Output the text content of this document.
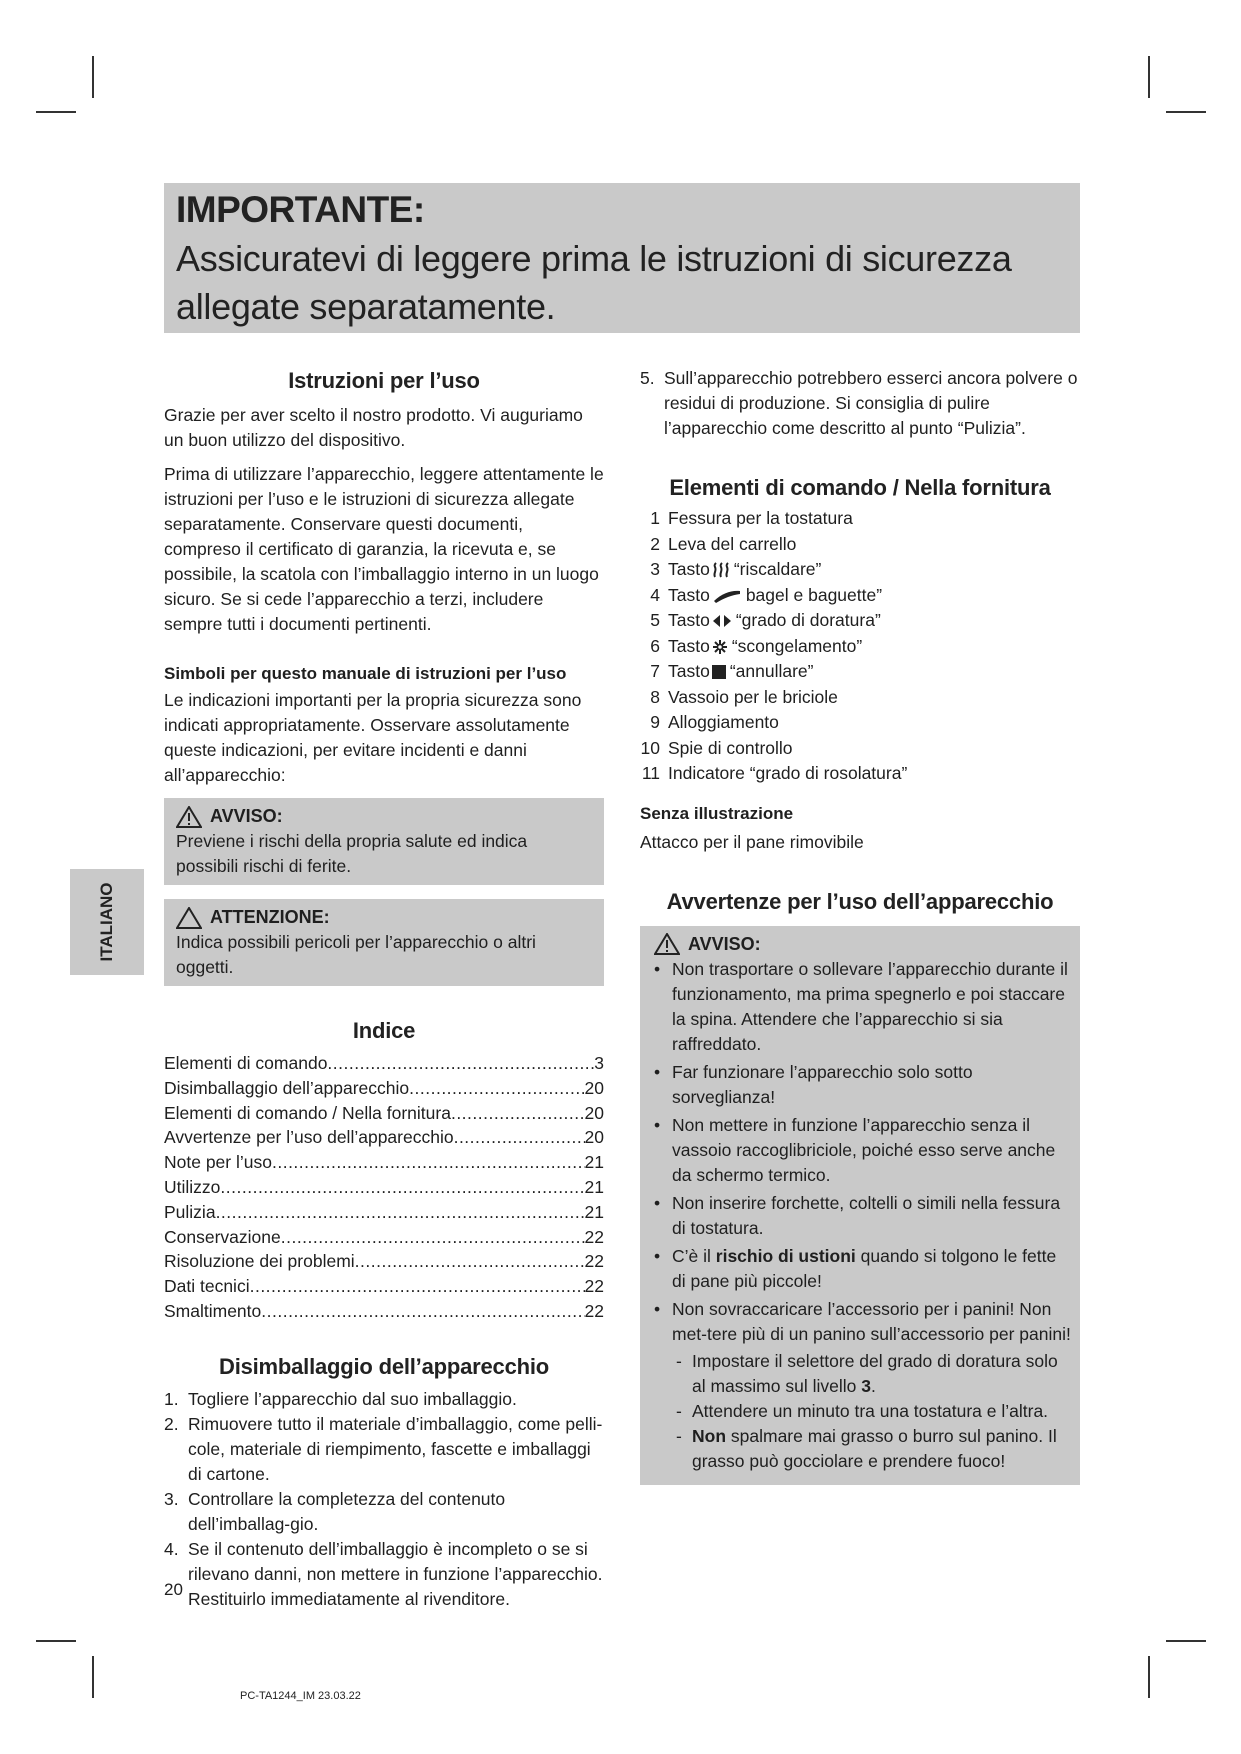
IMPORTANTE:
Assicuratevi di leggere prima le istruzioni di sicurezza allegate separatamente.
ITALIANO
Istruzioni per l’uso

Grazie per aver scelto il nostro prodotto. Vi auguriamo un buon utilizzo del dispositivo.

Prima di utilizzare l’apparecchio, leggere attentamente le istruzioni per l’uso e le istruzioni di sicurezza allegate separatamente. Conservare questi documenti, compreso il certificato di garanzia, la ricevuta e, se possibile, la scatola con l’imballaggio interno in un luogo sicuro. Se si cede l’apparecchio a terzi, includere sempre tutti i documenti pertinenti.

Simboli per questo manuale di istruzioni per l’uso

Le indicazioni importanti per la propria sicurezza sono indicati appropriatamente. Osservare assolutamente queste indicazioni, per evitare incidenti e danni all’apparecchio:

AVVISO:

Previene i rischi della propria salute ed indica possibili rischi di ferite.

ATTENZIONE:

Indica possibili pericoli per l’apparecchio o altri oggetti.

Indice
Elementi di comando .....	3
Disimballaggio dell’apparecchio .....	20
Elementi di comando / Nella fornitura .....	20
Avvertenze per l’uso dell’apparecchio .....	20
Note per l’uso .....	21
Utilizzo .....	21
Pulizia .....	21
Conservazione .....	22
Risoluzione dei problemi .....	22
Dati tecnici .....	22
Smaltimento .....	22
Disimballaggio dell’apparecchio
1. Togliere l’apparecchio dal suo imballaggio.
2. Rimuovere tutto il materiale d’imballaggio, come pelli-cole, materiale di riempimento, fascette e imballaggi di cartone.
3. Controllare la completezza del contenuto dell’imballag-gio.
4. Se il contenuto dell’imballaggio è incompleto o se si rilevano danni, non mettere in funzione l’apparecchio. Restituirlo immediatamente al rivenditore.
5. Sull’apparecchio potrebbero esserci ancora polvere o residui di produzione. Si consiglia di pulire l’apparecchio come descritto al punto “Pulizia”.
Elementi di comando / Nella fornitura
1 Fessura per la tostatura
2 Leva del carrello
3 Tasto “riscaldare”
4 Tasto bagel e baguette”
5 Tasto “grado di doratura”
6 Tasto “scongelamento”
7 Tasto “annullare”
8 Vassoio per le briciole
9 Alloggiamento
10 Spie di controllo
11 Indicatore “grado di rosolatura”

Senza illustrazione

Attacco per il pane rimovibile

Avvertenze per l’uso dell’apparecchio
AVVISO:
• Non trasportare o sollevare l’apparecchio durante il funzionamento, ma prima spegnerlo e poi staccare la spina. Attendere che l’apparecchio si sia raffreddato.
• Far funzionare l’apparecchio solo sotto sorveglianza!
• Non mettere in funzione l’apparecchio senza il vassoio raccoglibriciole, poiché esso serve anche da schermo termico.
• Non inserire forchette, coltelli o simili nella fessura di tostatura.
• C’è il rischio di ustioni quando si tolgono le fette di pane più piccole!
• Non sovraccaricare l’accessorio per i panini! Non met-tere più di un panino sull’accessorio per panini!
- Impostare il selettore del grado di doratura solo al massimo sul livello 3.
- Attendere un minuto tra una tostatura e l’altra.
- Non spalmare mai grasso o burro sul panino. Il grasso può gocciolare e prendere fuoco!
20
PC-TA1244_IM 23.03.22
